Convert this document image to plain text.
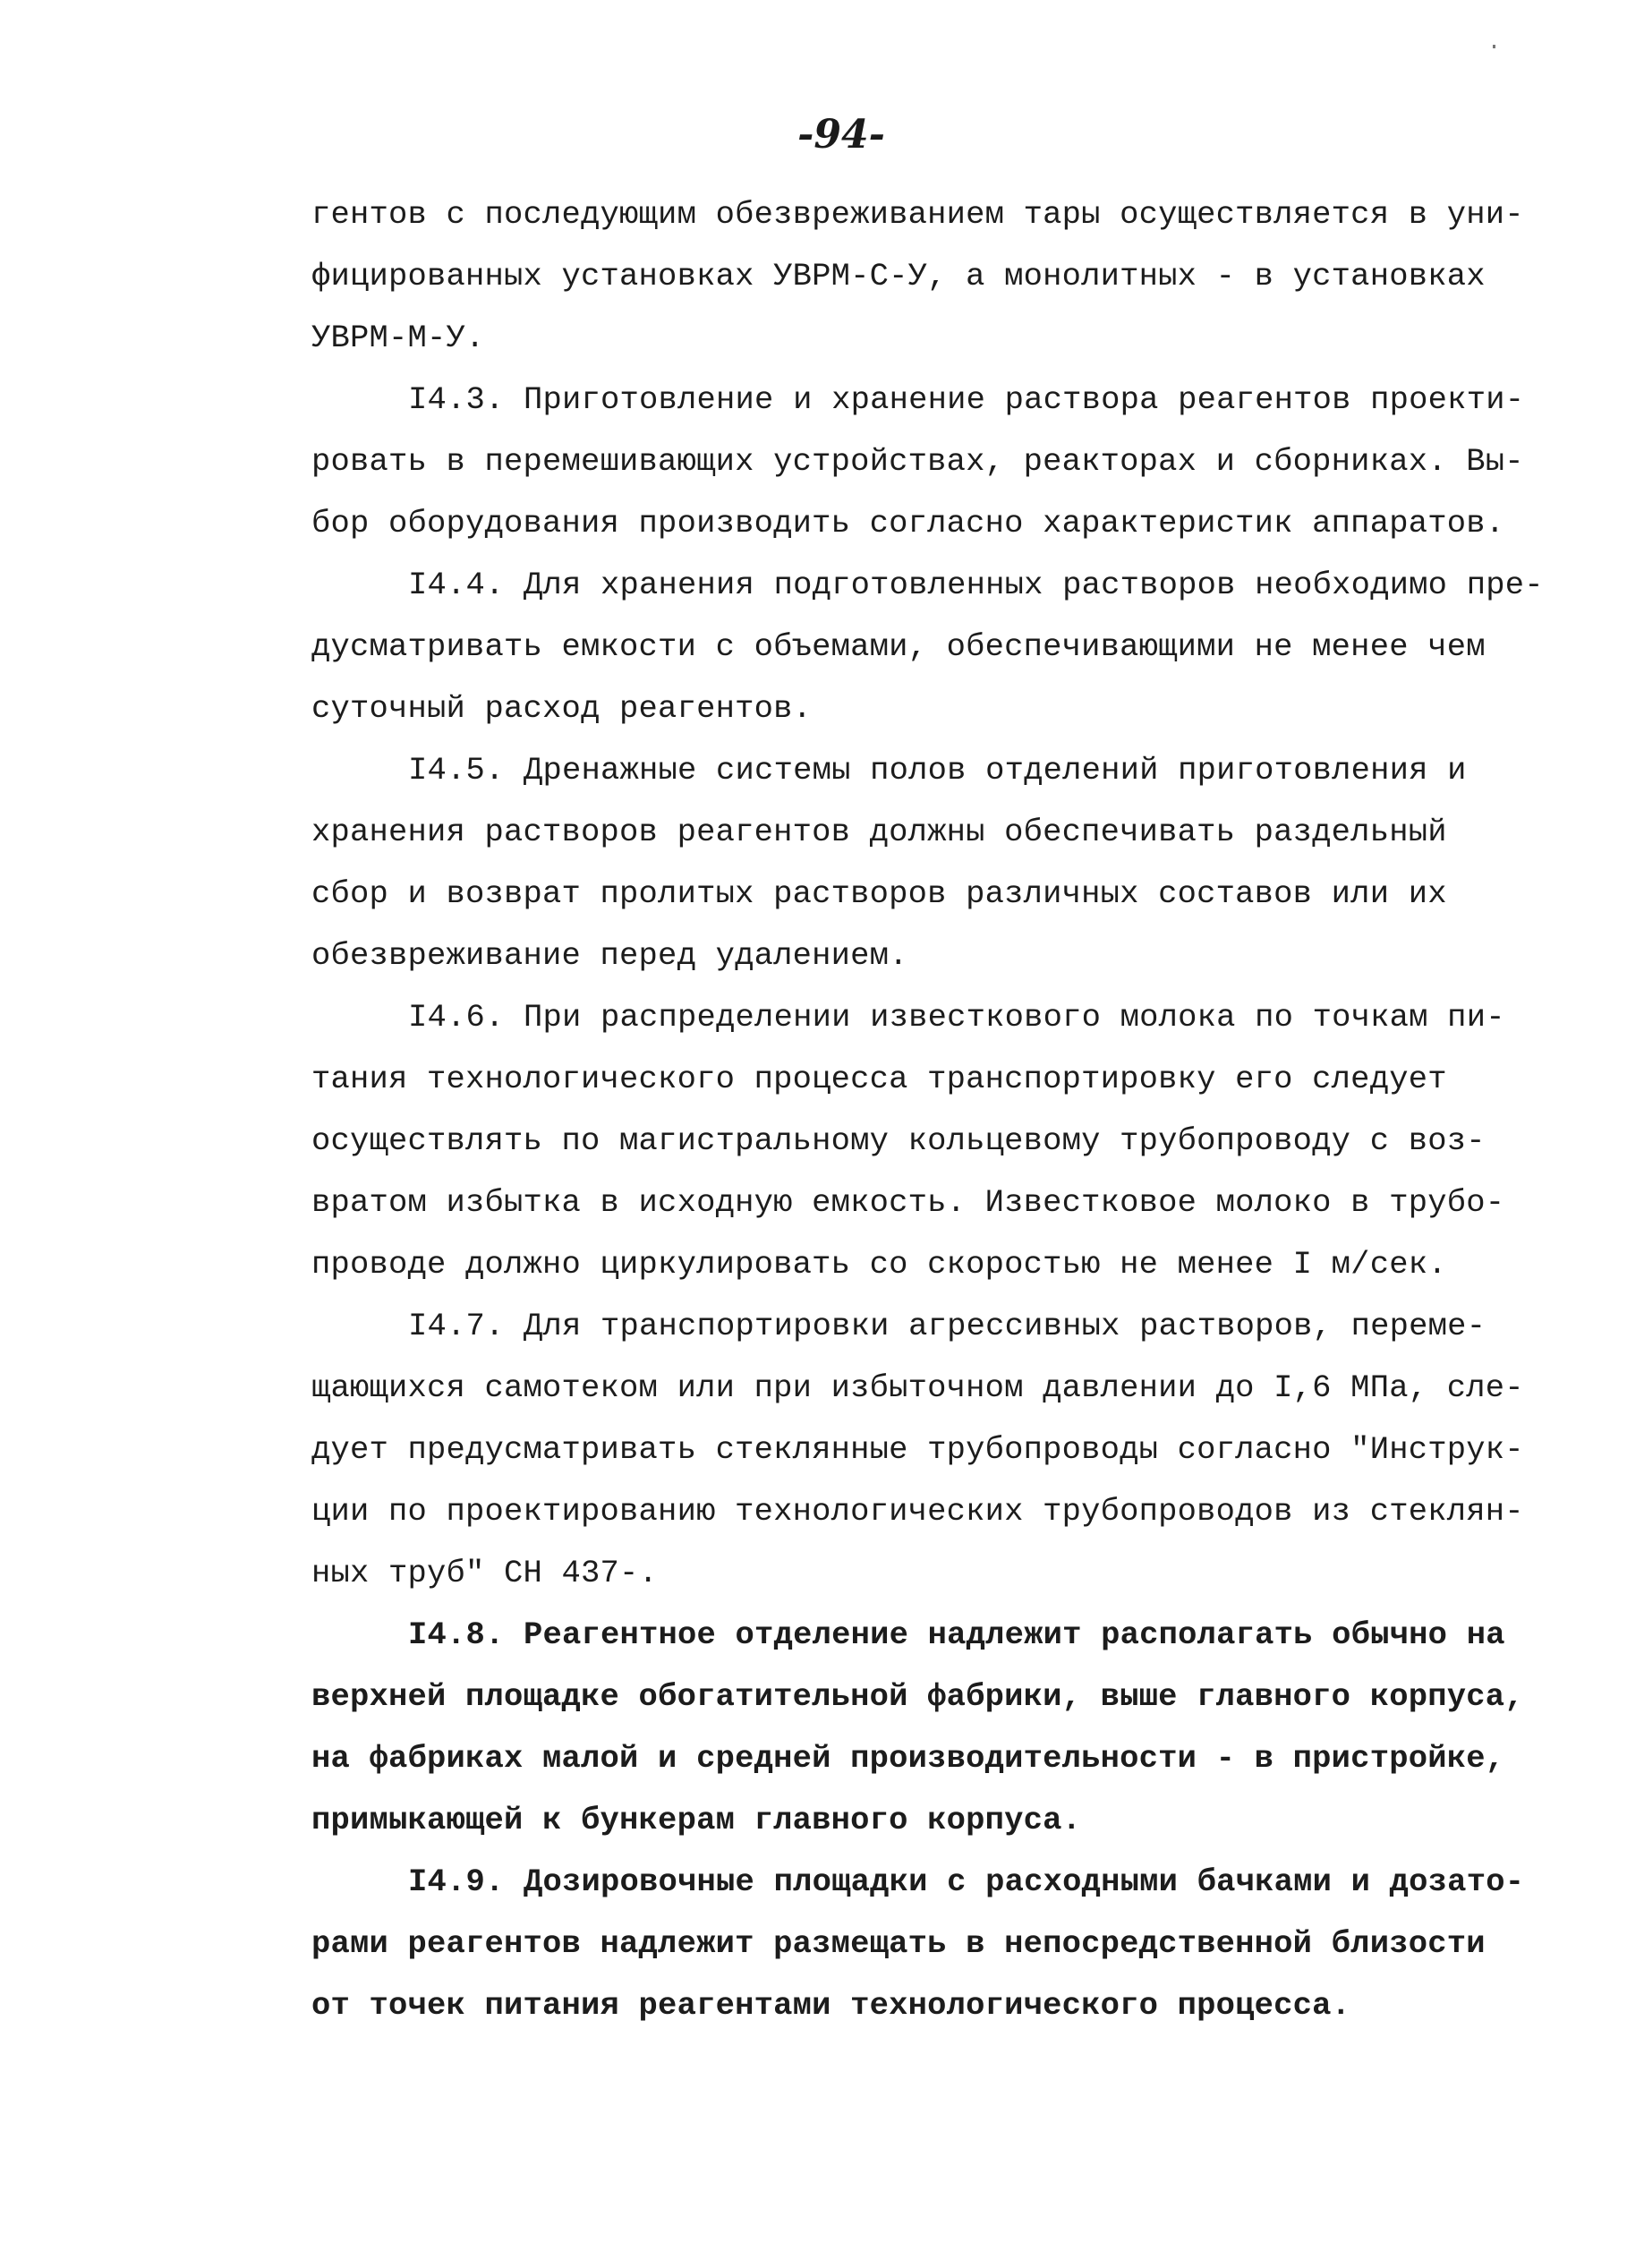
-94-
гентов с последующим обезвреживанием тары осуществляется в уни-
фицированных установках УВРМ-С-У, а монолитных - в установках
УВРМ-М-У.
I4.3. Приготовление и хранение раствора реагентов проекти-
ровать в перемешивающих устройствах, реакторах и сборниках. Вы-
бор оборудования производить согласно характеристик аппаратов.
I4.4. Для хранения подготовленных растворов необходимо пре-
дусматривать емкости с объемами, обеспечивающими не менее чем
суточный расход реагентов.
I4.5. Дренажные системы полов отделений приготовления и
хранения растворов реагентов должны обеспечивать раздельный
сбор и возврат пролитых растворов различных составов или их
обезвреживание перед удалением.
I4.6. При распределении известкового молока по точкам пи-
тания технологического процесса транспортировку его следует
осуществлять по магистральному кольцевому трубопроводу с воз-
вратом избытка в исходную емкость. Известковое молоко в трубо-
проводе должно циркулировать со скоростью не менее I м/сек.
I4.7. Для транспортировки агрессивных растворов, переме-
щающихся самотеком или при избыточном давлении до I,6 МПа, сле-
дует предусматривать стеклянные трубопроводы согласно "Инструк-
ции по проектированию технологических трубопроводов из стеклян-
ных труб" СН 437-.
I4.8. Реагентное отделение надлежит располагать обычно на
верхней площадке обогатительной фабрики, выше главного корпуса,
на фабриках малой и средней производительности - в пристройке,
примыкающей к бункерам главного корпуса.
I4.9. Дозировочные площадки с расходными бачками и дозато-
рами реагентов надлежит размещать в непосредственной близости
от точек питания реагентами технологического процесса.
